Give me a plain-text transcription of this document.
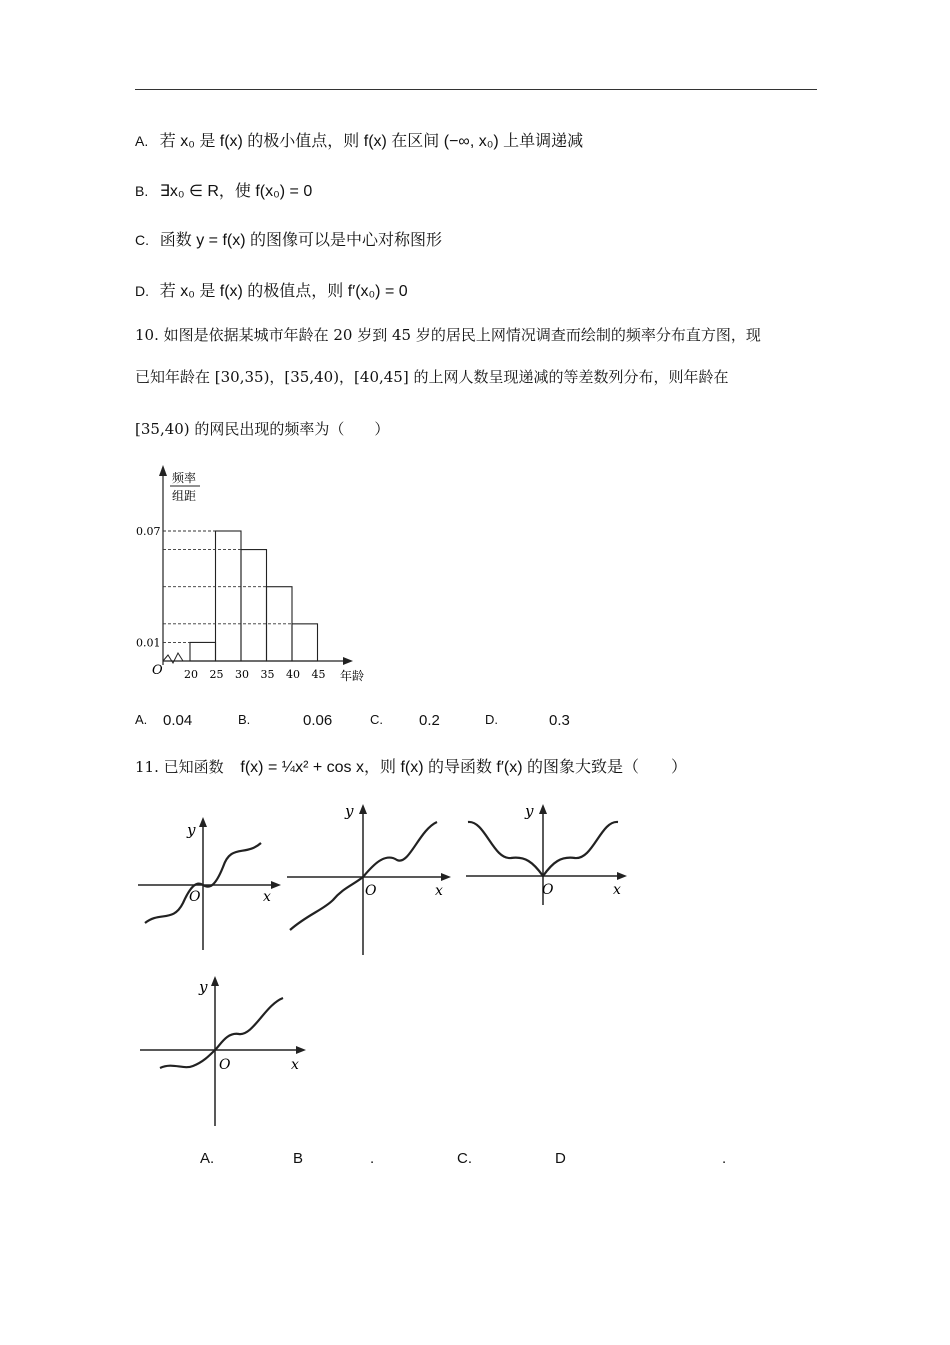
A. 若 x₀ 是 f(x) 的极小值点，则 f(x) 在区间 (−∞, x₀) 上单调递减
B. ∃x₀ ∈ R，使 f(x₀) = 0
C. 函数 y = f(x) 的图像可以是中心对称图形
D. 若 x₀ 是 f(x) 的极值点，则 f′(x₀) = 0
10. 如图是依据某城市年龄在 20 岁到 45 岁的居民上网情况调查而绘制的频率分布直方图，现
已知年龄在 [30,35)，[35,40)，[40,45] 的上网人数呈现递减的等差数列分布，则年龄在
[35,40) 的网民出现的频率为（　　）
频率
组距
O	年龄
20 25 30 35 40 45
0.01
0.07
A. 0.04	B.	0.06	C. 0.2	D.	0.3
11. 已知函数 f(x) = ¼x² + cos x，则 f(x) 的导函数 f′(x) 的图象大致是（　　）
y
O	x
y
O	x
y
O	x
y
O	x
A.	B	.	C.	D	.
